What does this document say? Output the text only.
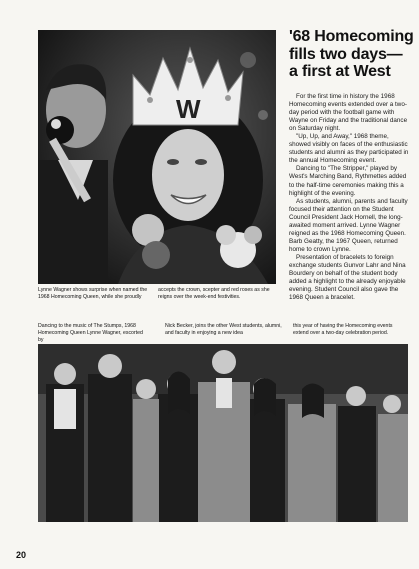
W
Lynne Wagner shows surprise when named the 1968 Homecoming Queen, while she proudly
accepts the crown, scepter and red roses as she reigns over the week-end festivities.
'68 Homecoming
fills two days—
a first at West

For the first time in history the 1968 Homecoming events extended over a two-day period with the football game with Wayne on Friday and the traditional dance on Saturday night.

"Up, Up, and Away," 1968 theme, showed visibly on faces of the enthusiastic students and alumni as they participated in the annual Homecoming event.

Dancing to "The Stripper," played by West's Marching Band, Rythmettes added to the half-time ceremonies making this a highlight of the evening.

As students, alumni, parents and faculty focused their attention on the Student Council President Jack Hornell, the long-awaited moment arrived. Lynne Wagner reigned as the 1968 Homecoming Queen. Barb Geatty, the 1967 Queen, returned home to crown Lynne.

Presentation of bracelets to foreign exchange students Gunvor Lahr and Nina Bourdery on behalf of the student body added a highlight to the already enjoyable evening. Student Council also gave the 1968 Queen a bracelet.

Dancing to the music of The Stumps, 1968 Homecoming Queen Lynne Wagner, escorted by
Nick Becker, joins the other West students, alumni, and faculty in enjoying a new idea
this year of having the Homecoming events extend over a two-day celebration period.
20
